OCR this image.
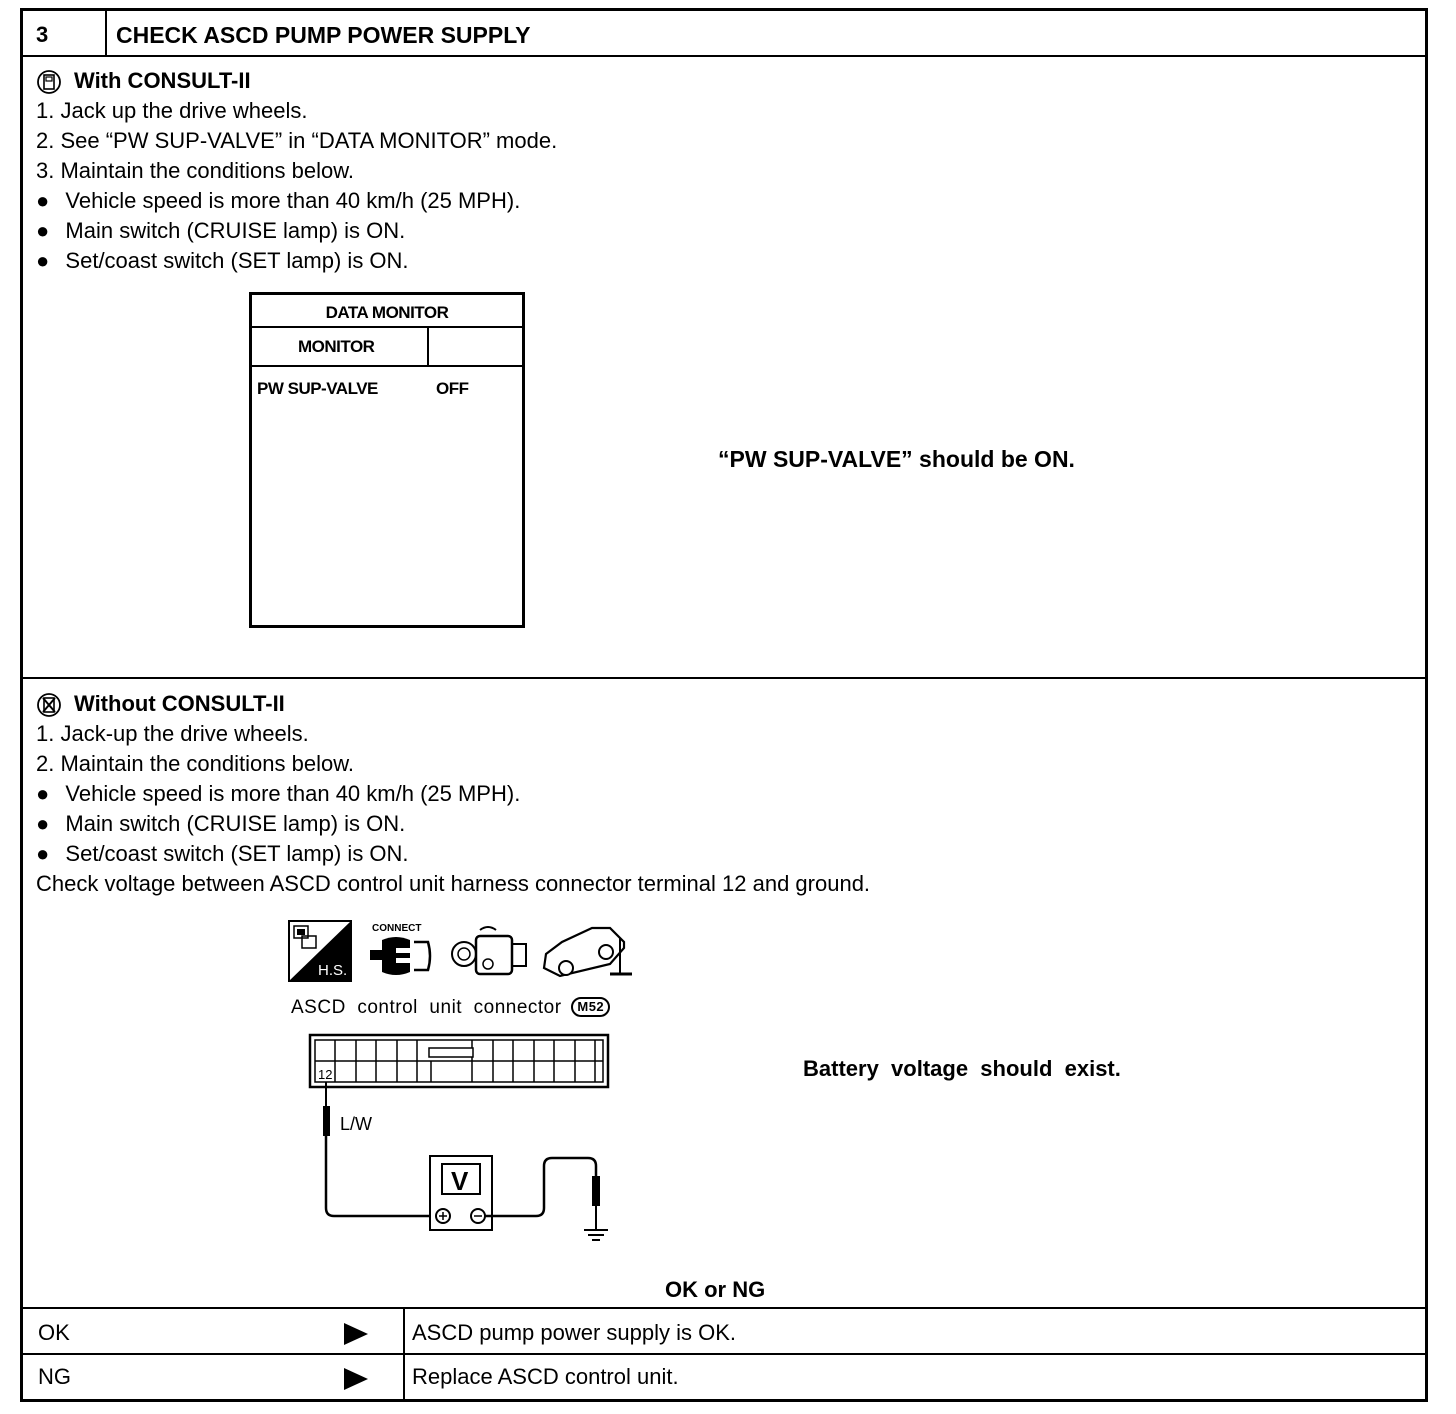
3	CHECK ASCD PUMP POWER SUPPLY
With CONSULT-II
1. Jack up the drive wheels.
2. See “PW SUP-VALVE” in “DATA MONITOR” mode.
3. Maintain the conditions below.
● Vehicle speed is more than 40 km/h (25 MPH).
● Main switch (CRUISE lamp) is ON.
● Set/coast switch (SET lamp) is ON.
DATA MONITOR
MONITOR
PW SUP-VALVE	OFF
“PW SUP-VALVE” should be ON.
Without CONSULT-II
1. Jack-up the drive wheels.
2. Maintain the conditions below.
● Vehicle speed is more than 40 km/h (25 MPH).
● Main switch (CRUISE lamp) is ON.
● Set/coast switch (SET lamp) is ON.
Check voltage between ASCD control unit harness connector terminal 12 and ground.
H.S.
CONNECT
ASCD  control  unit  connector M52
12
L/W
V
Battery  voltage  should  exist.
OK or NG
OK	ASCD pump power supply is OK.
NG	Replace ASCD control unit.
